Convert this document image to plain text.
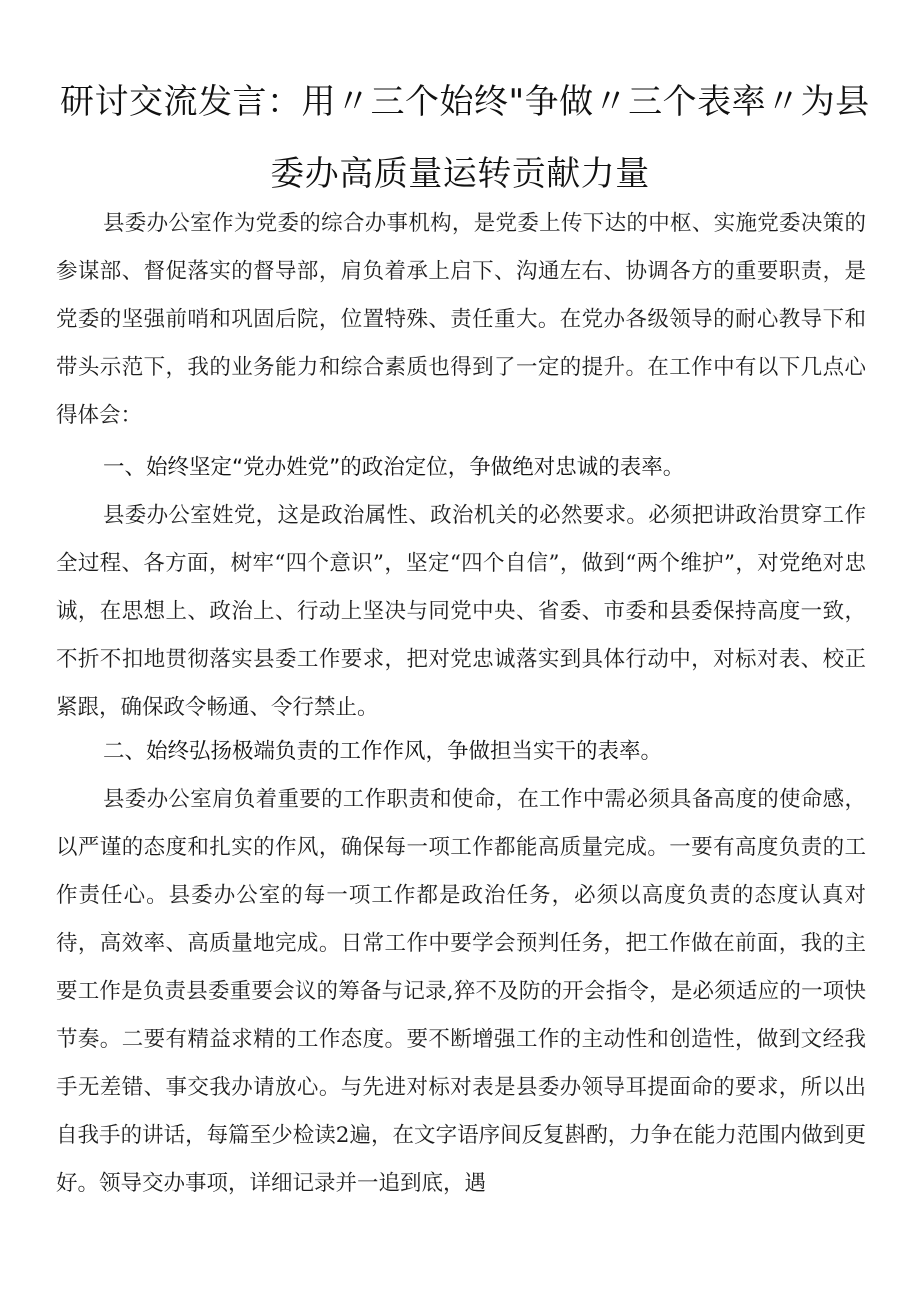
研讨交流发言：用〃三个始终"争做〃三个表率〃为县
委办高质量运转贡献力量

县委办公室作为党委的综合办事机构，是党委上传下达的中枢、实施党委决策的参谋部、督促落实的督导部，肩负着承上启下、沟通左右、协调各方的重要职责，是党委的坚强前哨和巩固后院，位置特殊、责任重大。在党办各级领导的耐心教导下和带头示范下，我的业务能力和综合素质也得到了一定的提升。在工作中有以下几点心得体会：

一、始终坚定“党办姓党”的政治定位，争做绝对忠诚的表率。

县委办公室姓党，这是政治属性、政治机关的必然要求。必须把讲政治贯穿工作全过程、各方面，树牢“四个意识”，坚定“四个自信”，做到“两个维护”，对党绝对忠诚，在思想上、政治上、行动上坚决与同党中央、省委、市委和县委保持高度一致，不折不扣地贯彻落实县委工作要求，把对党忠诚落实到具体行动中，对标对表、校正紧跟，确保政令畅通、令行禁止。

二、始终弘扬极端负责的工作作风，争做担当实干的表率。

县委办公室肩负着重要的工作职责和使命，在工作中需必须具备高度的使命感，以严谨的态度和扎实的作风，确保每一项工作都能高质量完成。一要有高度负责的工作责任心。县委办公室的每一项工作都是政治任务，必须以高度负责的态度认真对待，高效率、高质量地完成。日常工作中要学会预判任务，把工作做在前面，我的主要工作是负责县委重要会议的筹备与记录,猝不及防的开会指令，是必须适应的一项快节奏。二要有精益求精的工作态度。要不断增强工作的主动性和创造性，做到文经我手无差错、事交我办请放心。与先进对标对表是县委办领导耳提面命的要求，所以出自我手的讲话，每篇至少检读2遍，在文字语序间反复斟酌，力争在能力范围内做到更好。领导交办事项，详细记录并一追到底，遇
